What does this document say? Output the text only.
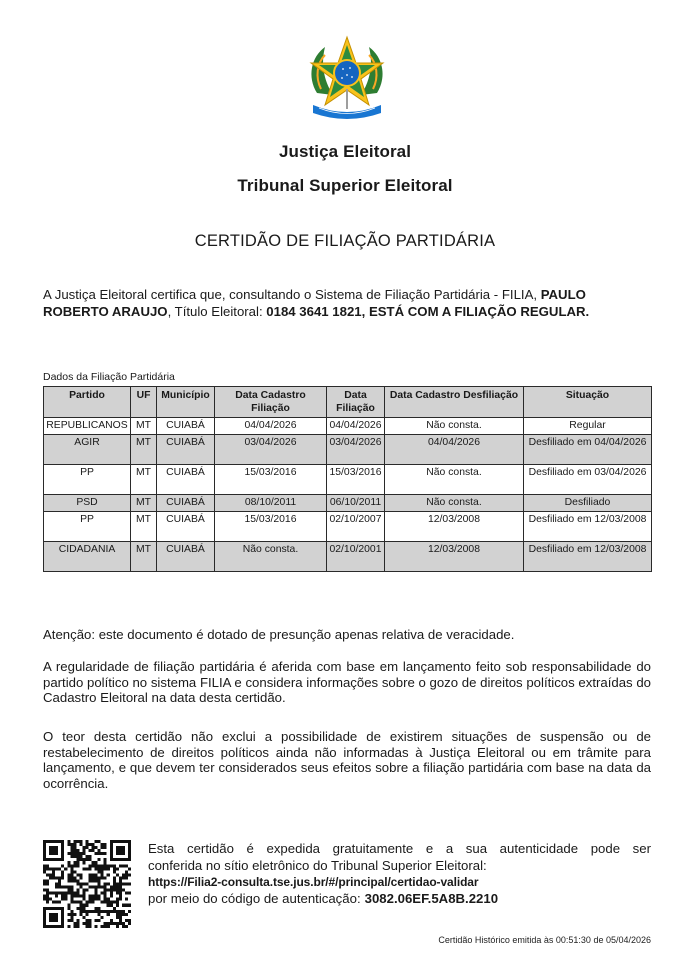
Justiça Eleitoral
Tribunal Superior Eleitoral
CERTIDÃO DE FILIAÇÃO PARTIDÁRIA
A Justiça Eleitoral certifica que, consultando o Sistema de Filiação Partidária - FILIA, PAULO ROBERTO ARAUJO, Título Eleitoral: 0184 3641 1821, ESTÁ COM A FILIAÇÃO REGULAR.
Dados da Filiação Partidária
Partido	UF	Município	Data Cadastro Filiação	Data Filiação	Data Cadastro Desfiliação	Situação
REPUBLICANOS	MT	CUIABÁ	04/04/2026	04/04/2026	Não consta.	Regular
AGIR	MT	CUIABÁ	03/04/2026	03/04/2026	04/04/2026	Desfiliado em 04/04/2026
PP	MT	CUIABÁ	15/03/2016	15/03/2016	Não consta.	Desfiliado em 03/04/2026
PSD	MT	CUIABÁ	08/10/2011	06/10/2011	Não consta.	Desfiliado
PP	MT	CUIABÁ	15/03/2016	02/10/2007	12/03/2008	Desfiliado em 12/03/2008
CIDADANIA	MT	CUIABÁ	Não consta.	02/10/2001	12/03/2008	Desfiliado em 12/03/2008
Atenção: este documento é dotado de presunção apenas relativa de veracidade.
A regularidade de filiação partidária é aferida com base em lançamento feito sob responsabilidade do partido político no sistema FILIA e considera informações sobre o gozo de direitos políticos extraídas do Cadastro Eleitoral na data desta certidão.
O teor desta certidão não exclui a possibilidade de existirem situações de suspensão ou de restabelecimento de direitos políticos ainda não informadas à Justiça Eleitoral ou em trâmite para lançamento, e que devem ter considerados seus efeitos sobre a filiação partidária com base na data da ocorrência.
Esta certidão é expedida gratuitamente e a sua autenticidade pode ser
conferida no sítio eletrônico do Tribunal Superior Eleitoral:
https://Filia2-consulta.tse.jus.br/#/principal/certidao-validar
por meio do código de autenticação: 3082.06EF.5A8B.2210
Certidão Histórico emitida às 00:51:30 de 05/04/2026
